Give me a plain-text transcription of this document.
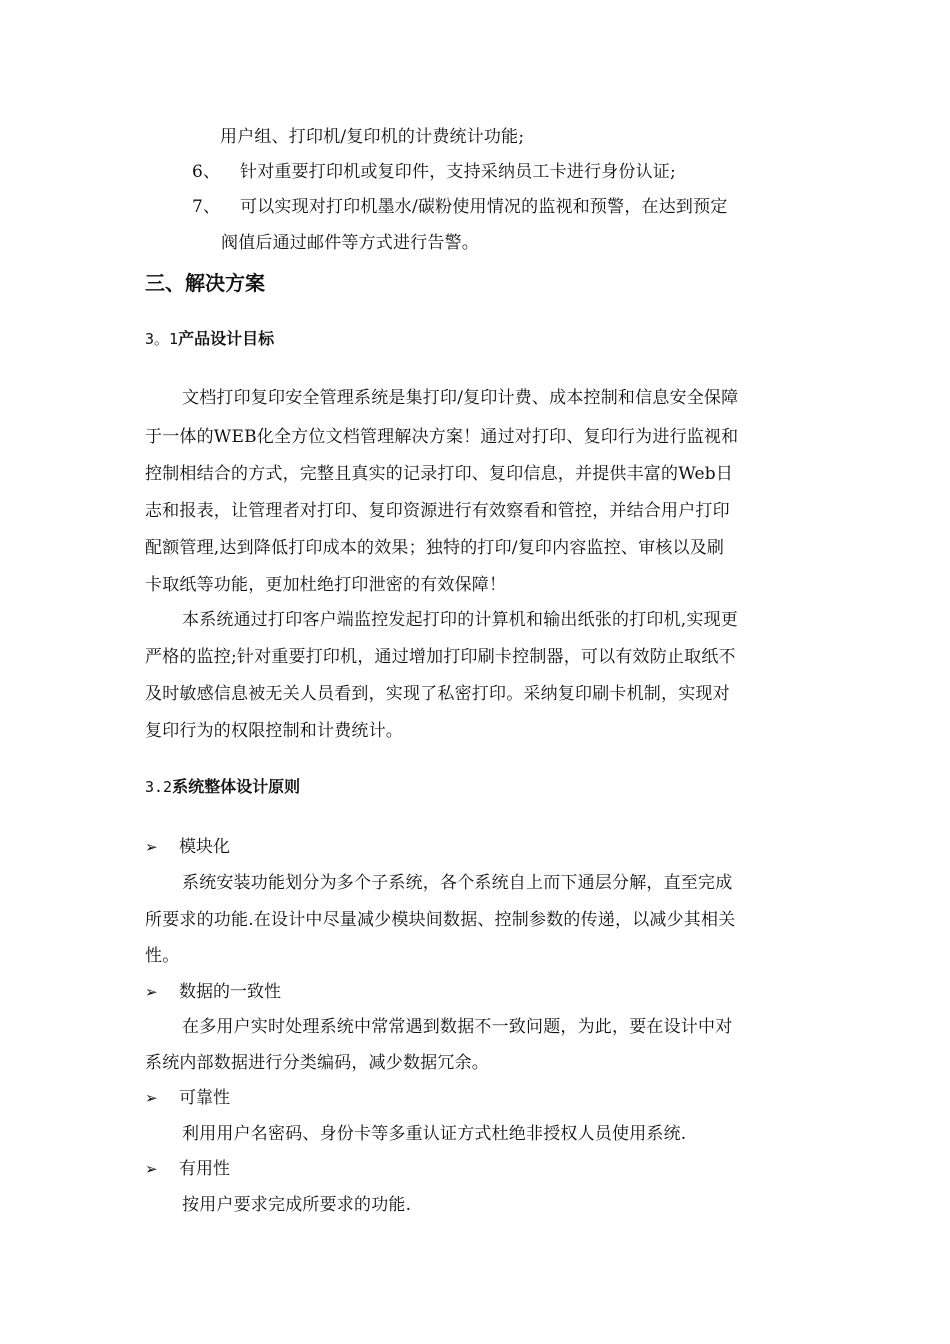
用户组、打印机/复印机的计费统计功能;
6、 针对重要打印机或复印件，支持采纳员工卡进行身份认证;
7、 可以实现对打印机墨水/碳粉使用情况的监视和预警，在达到预定
阀值后通过邮件等方式进行告警。
三、解决方案
3。1产品设计目标
文档打印复印安全管理系统是集打印/复印计费、成本控制和信息安全保障
于一体的WEB化全方位文档管理解决方案！通过对打印、复印行为进行监视和
控制相结合的方式，完整且真实的记录打印、复印信息，并提供丰富的Web日
志和报表，让管理者对打印、复印资源进行有效察看和管控，并结合用户打印
配额管理,达到降低打印成本的效果；独特的打印/复印内容监控、审核以及刷
卡取纸等功能，更加杜绝打印泄密的有效保障！
本系统通过打印客户端监控发起打印的计算机和输出纸张的打印机,实现更
严格的监控;针对重要打印机，通过增加打印刷卡控制器，可以有效防止取纸不
及时敏感信息被无关人员看到，实现了私密打印。采纳复印刷卡机制，实现对
复印行为的权限控制和计费统计。
3.2系统整体设计原则
➢ 模块化
系统安装功能划分为多个子系统，各个系统自上而下通层分解，直至完成
所要求的功能.在设计中尽量减少模块间数据、控制参数的传递，以减少其相关
性。
➢ 数据的一致性
在多用户实时处理系统中常常遇到数据不一致问题，为此，要在设计中对
系统内部数据进行分类编码，减少数据冗余。
➢ 可靠性
利用用户名密码、身份卡等多重认证方式杜绝非授权人员使用系统.
➢ 有用性
按用户要求完成所要求的功能.
